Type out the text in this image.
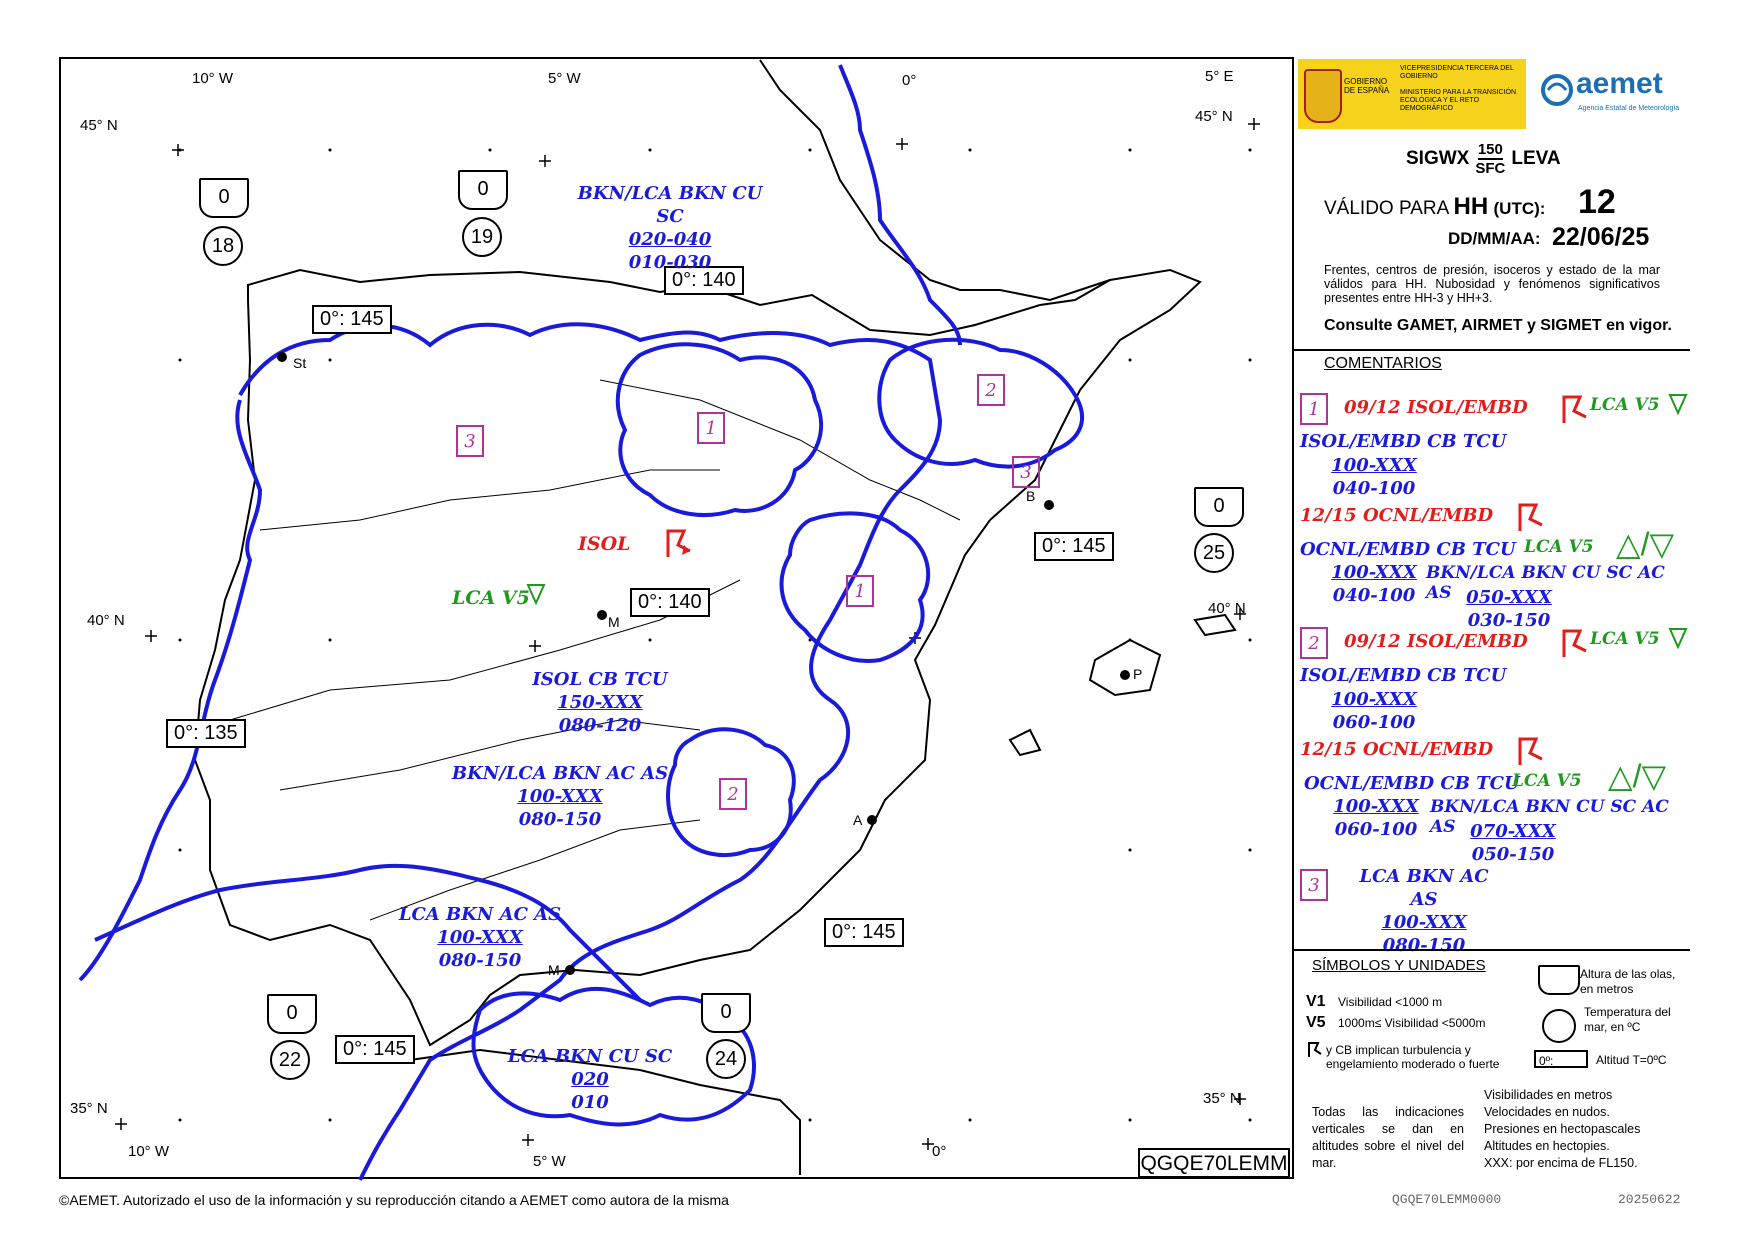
10° W	5° W	0°	5° E
45° N
45° N
40° N
40° N
35° N
35° N
10° W
5° W
0°
St
B
M
P
A
M
0°: 145
0°: 140
0°: 140
0°: 135
0°: 145
0°: 145
0°: 145
0
18
0
19
0
25
0
22
0
24
3
1
1
2
3
2
BKN/LCA BKN CU SC
020-040
010-030
ISOL CB TCU
150-XXX
080-120
BKN/LCA BKN AC AS
100-XXX
080-150
LCA BKN AC AS
100-XXX
080-150
LCA BKN CU SC
020
010
ISOL
LCA V5
QGQE70LEMM
GOBIERNO DE ESPAÑA
VICEPRESIDENCIA TERCERA DEL GOBIERNO
MINISTERIO PARA LA TRANSICIÓN ECOLÓGICA Y EL RETO DEMOGRÁFICO
aemet
Agencia Estatal de Meteorología
SIGWX 150
SFC LEVA
VÁLIDO PARA HH (UTC): 12
DD/MM/AA: 22/06/25
Frentes, centros de presión, isoceros y estado de la mar válidos para HH. Nubosidad y fenómenos significativos presentes entre HH-3 y HH+3.
Consulte GAMET, AIRMET y SIGMET en vigor.
COMENTARIOS
1	09/12 ISOL/EMBD	LCA V5
ISOL/EMBD CB TCU
100-XXX
040-100
12/15 OCNL/EMBD
OCNL/EMBD CB TCU LCA V5 △/▽
100-XXX
040-100
BKN/LCA BKN CU SC AC AS 050-XXX
030-150
2	09/12 ISOL/EMBD	LCA V5
ISOL/EMBD CB TCU
100-XXX
060-100
12/15 OCNL/EMBD
OCNL/EMBD CB TCU
LCA V5 △/▽
100-XXX
060-100
BKN/LCA BKN CU SC AC AS 070-XXX
050-150
3	LCA BKN AC AS
100-XXX
080-150
SÍMBOLOS Y UNIDADES	Altura de las olas, en metros
Temperatura del mar, en ºC
V1 Visibilidad <1000 m
V5 1000m≤ Visibilidad <5000m
y CB implican turbulencia y engelamiento moderado o fuerte	0º:	Altitud T=0ºC
Todas las indicaciones verticales se dan en altitudes sobre el nivel del mar.
Visibilidades en metros
Velocidades en nudos.
Presiones en hectopascales
Altitudes en hectopies.
XXX: por encima de FL150.
©AEMET. Autorizado el uso de la información y su reproducción citando a AEMET como autora de la misma	QGQE70LEMM0000	20250622
